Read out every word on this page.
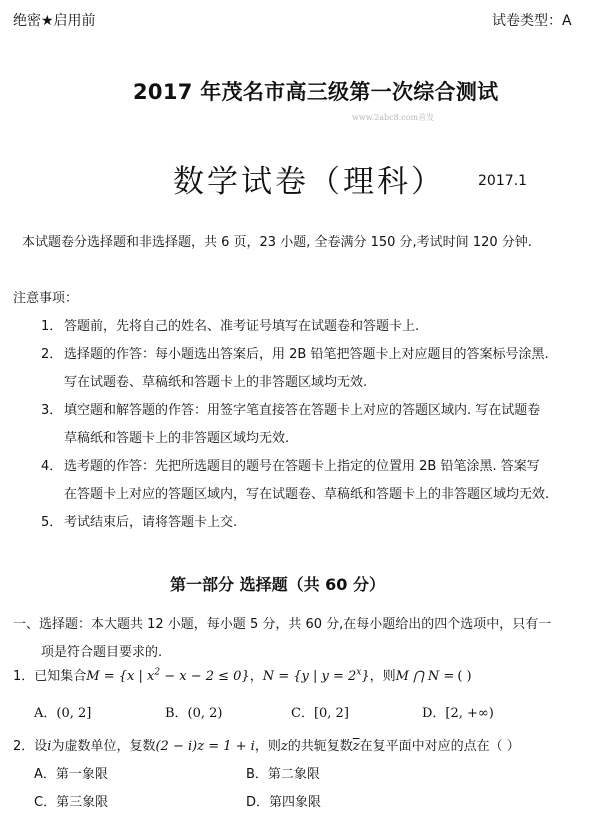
绝密★启用前	试卷类型：A
2017 年茂名市高三级第一次综合测试
www.2abc8.com首发
数学试卷（理科） 2017.1
本试题卷分选择题和非选择题，共 6 页，23 小题, 全卷满分 150 分,考试时间 120 分钟.
注意事项：
1． 答题前，先将自己的姓名、准考证号填写在试题卷和答题卡上.
2． 选择题的作答：每小题选出答案后，用 2B 铅笔把答题卡上对应题目的答案标号涂黑.
写在试题卷、草稿纸和答题卡上的非答题区域均无效.
3． 填空题和解答题的作答：用签字笔直接答在答题卡上对应的答题区域内. 写在试题卷
草稿纸和答题卡上的非答题区域均无效.
4． 选考题的作答：先把所选题目的题号在答题卡上指定的位置用 2B 铅笔涂黑. 答案写
在答题卡上对应的答题区域内，写在试题卷、草稿纸和答题卡上的非答题区域均无效.
5． 考试结束后，请将答题卡上交.
第一部分 选择题（共 60 分）
一、选择题：本大题共 12 小题，每小题 5 分，共 60 分,在每小题给出的四个选项中，只有一
项是符合题目要求的.
1．已知集合M = {x | $x^2 - x - 2 \le 0$}，N = {y | $y = 2^x$}，则M ⋂ N = ( )
A．(0, 2]	B．(0, 2)	C．[0, 2]	D．[2, +∞)
2．设i为虚数单位，复数(2 − i)z = 1 + i，则z的共轭复数$\overline{z}$在复平面中对应的点在（ ）
A．第一象限	B．第二象限
C．第三象限	D．第四象限
